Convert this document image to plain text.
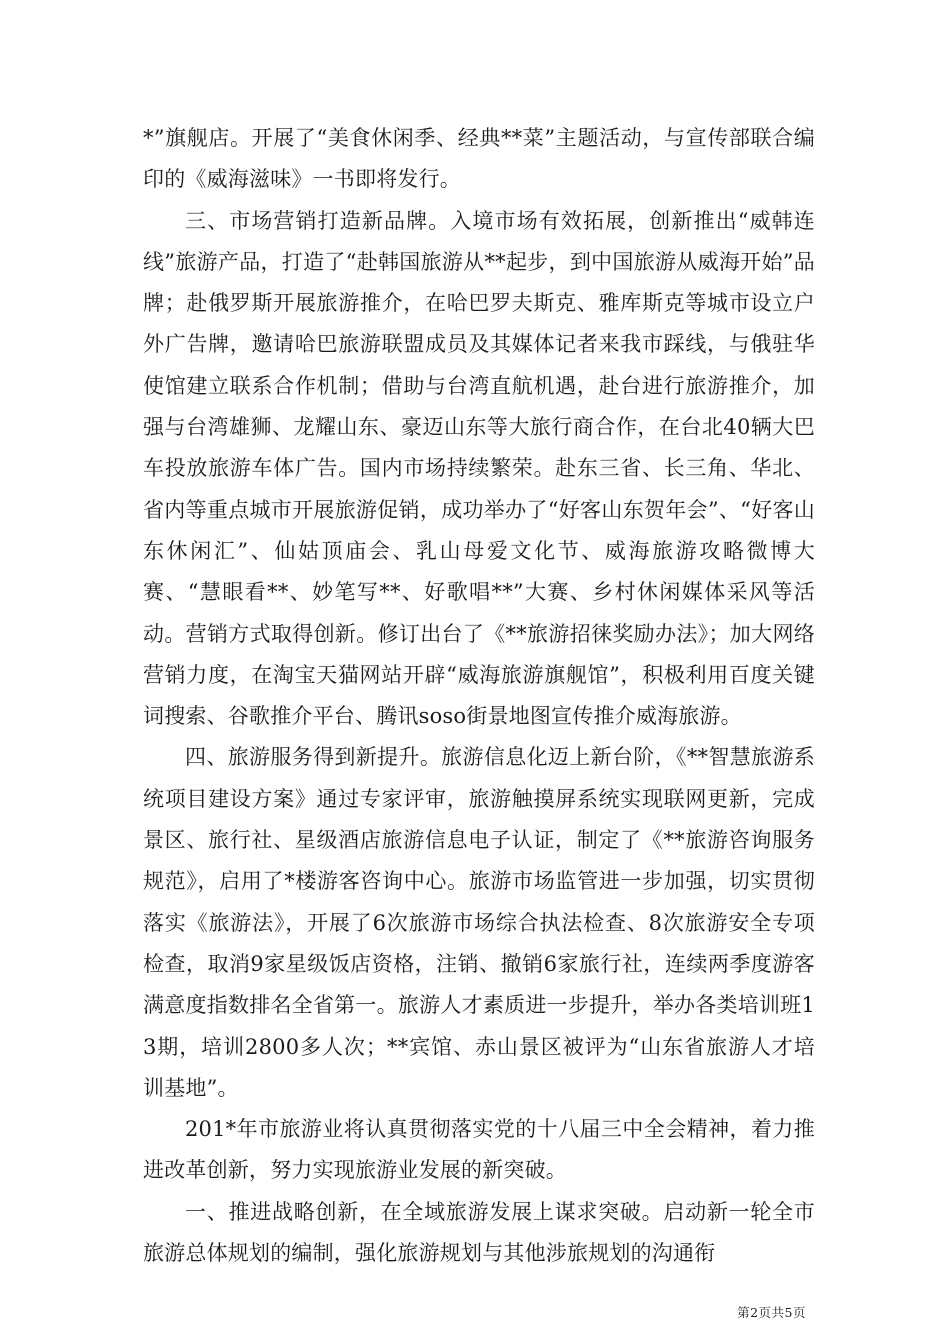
*”旗舰店。开展了“美食休闲季、经典**菜”主题活动，与宣传部联合编印的《威海滋味》一书即将发行。

三、市场营销打造新品牌。入境市场有效拓展，创新推出“威韩连线”旅游产品，打造了“赴韩国旅游从**起步，到中国旅游从威海开始”品牌；赴俄罗斯开展旅游推介，在哈巴罗夫斯克、雅库斯克等城市设立户外广告牌，邀请哈巴旅游联盟成员及其媒体记者来我市踩线，与俄驻华使馆建立联系合作机制；借助与台湾直航机遇，赴台进行旅游推介，加强与台湾雄狮、龙耀山东、豪迈山东等大旅行商合作，在台北40辆大巴车投放旅游车体广告。国内市场持续繁荣。赴东三省、长三角、华北、省内等重点城市开展旅游促销，成功举办了“好客山东贺年会”、“好客山东休闲汇”、仙姑顶庙会、乳山母爱文化节、威海旅游攻略微博大赛、“慧眼看**、妙笔写**、好歌唱**”大赛、乡村休闲媒体采风等活动。营销方式取得创新。修订出台了《**旅游招徕奖励办法》；加大网络营销力度，在淘宝天猫网站开辟“威海旅游旗舰馆”，积极利用百度关键词搜索、谷歌推介平台、腾讯soso街景地图宣传推介威海旅游。

四、旅游服务得到新提升。旅游信息化迈上新台阶，《**智慧旅游系统项目建设方案》通过专家评审，旅游触摸屏系统实现联网更新，完成景区、旅行社、星级酒店旅游信息电子认证，制定了《**旅游咨询服务规范》，启用了*楼游客咨询中心。旅游市场监管进一步加强，切实贯彻落实《旅游法》，开展了6次旅游市场综合执法检查、8次旅游安全专项检查，取消9家星级饭店资格，注销、撤销6家旅行社，连续两季度游客满意度指数排名全省第一。旅游人才素质进一步提升，举办各类培训班13期，培训2800多人次；**宾馆、赤山景区被评为“山东省旅游人才培训基地”。

201*年市旅游业将认真贯彻落实党的十八届三中全会精神，着力推进改革创新，努力实现旅游业发展的新突破。

一、推进战略创新，在全域旅游发展上谋求突破。启动新一轮全市旅游总体规划的编制，强化旅游规划与其他涉旅规划的沟通衔

第2页共5页
